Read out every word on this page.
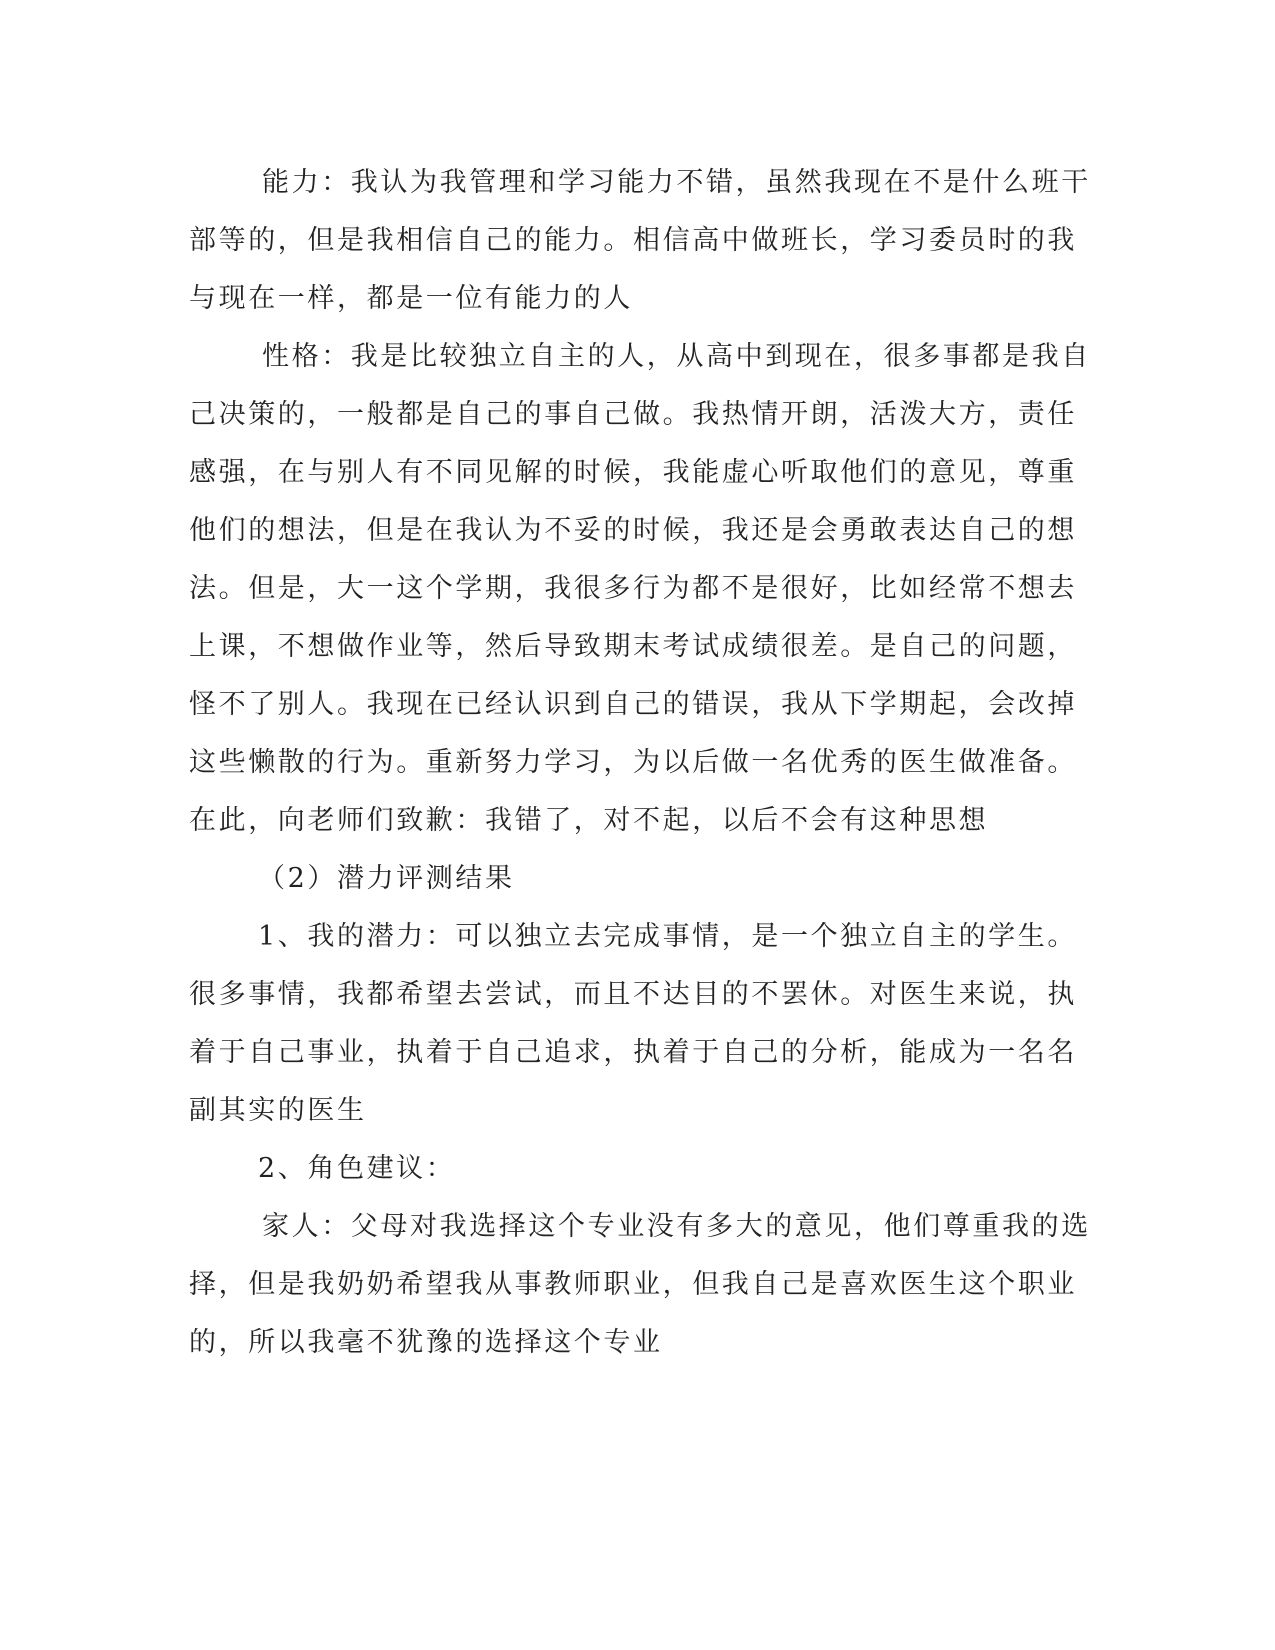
能力：我认为我管理和学习能力不错，虽然我现在不是什么班干
部等的，但是我相信自己的能力。相信高中做班长，学习委员时的我
与现在一样，都是一位有能力的人
性格：我是比较独立自主的人，从高中到现在，很多事都是我自
己决策的，一般都是自己的事自己做。我热情开朗，活泼大方，责任
感强，在与别人有不同见解的时候，我能虚心听取他们的意见，尊重
他们的想法，但是在我认为不妥的时候，我还是会勇敢表达自己的想
法。但是，大一这个学期，我很多行为都不是很好，比如经常不想去
上课，不想做作业等，然后导致期末考试成绩很差。是自己的问题，
怪不了别人。我现在已经认识到自己的错误，我从下学期起，会改掉
这些懒散的行为。重新努力学习，为以后做一名优秀的医生做准备。
在此，向老师们致歉：我错了，对不起，以后不会有这种思想
（2）潜力评测结果
1、我的潜力：可以独立去完成事情，是一个独立自主的学生。
很多事情，我都希望去尝试，而且不达目的不罢休。对医生来说，执
着于自己事业，执着于自己追求，执着于自己的分析，能成为一名名
副其实的医生
2、角色建议：
家人：父母对我选择这个专业没有多大的意见，他们尊重我的选
择，但是我奶奶希望我从事教师职业，但我自己是喜欢医生这个职业
的，所以我毫不犹豫的选择这个专业
